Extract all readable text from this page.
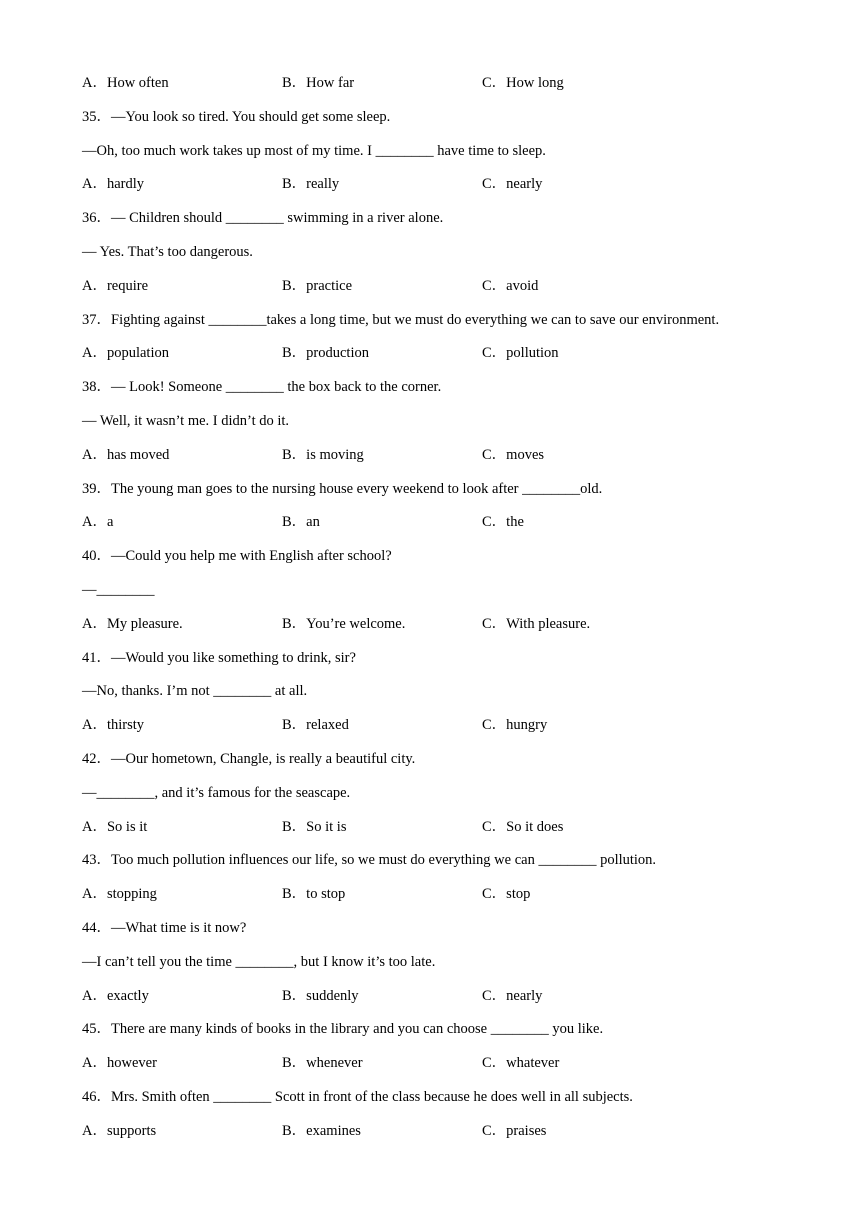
A．How often	B．How far	C．How long
35．—You look so tired. You should get some sleep.
—Oh, too much work takes up most of my time. I ________ have time to sleep.
A．hardly	B．really	C．nearly
36．— Children should ________ swimming in a river alone.
— Yes. That’s too dangerous.
A．require	B．practice	C．avoid
37．Fighting against ________takes a long time, but we must do everything we can to save our environment.
A．population	B．production	C．pollution
38．— Look! Someone ________ the box back to the corner.
— Well, it wasn’t me. I didn’t do it.
A．has moved	B．is moving	C．moves
39．The young man goes to the nursing house every weekend to look after ________old.
A．a	B．an	C．the
40．—Could you help me with English after school?
—________
A．My pleasure.	B．You’re welcome.	C．With pleasure.
41．—Would you like something to drink, sir?
—No, thanks. I’m not ________ at all.
A．thirsty	B．relaxed	C．hungry
42．—Our hometown, Changle, is really a beautiful city.
—________, and it’s famous for the seascape.
A．So is it	B．So it is	C．So it does
43．Too much pollution influences our life, so we must do everything we can ________ pollution.
A．stopping	B．to stop	C．stop
44．—What time is it now?
—I can’t tell you the time ________, but I know it’s too late.
A．exactly	B．suddenly	C．nearly
45．There are many kinds of books in the library and you can choose ________ you like.
A．however	B．whenever	C．whatever
46．Mrs. Smith often ________ Scott in front of the class because he does well in all subjects.
A．supports	B．examines	C．praises
